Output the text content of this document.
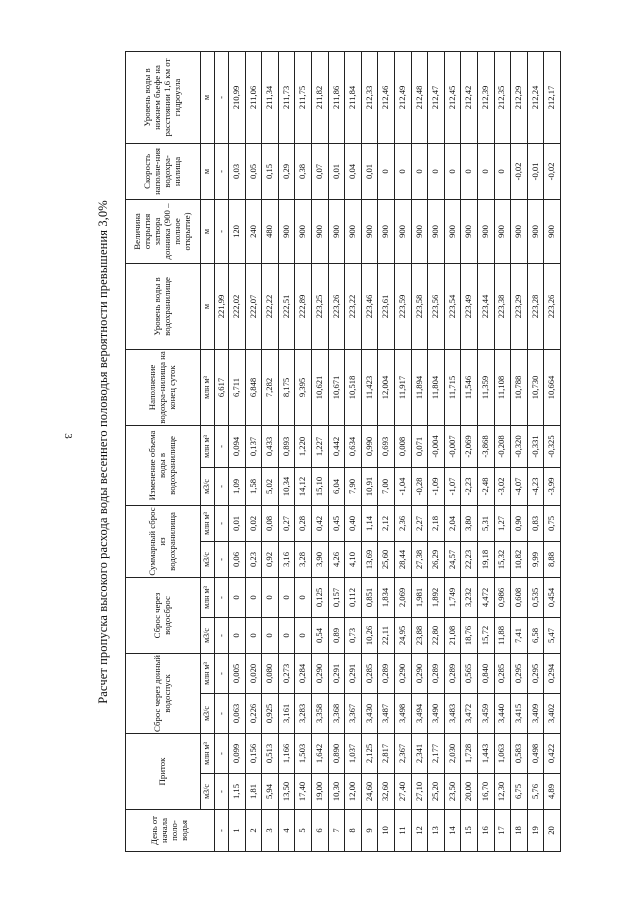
3 Расчет пропуска высокого расхода воды весеннего половодья вероятности превышения 3,0%
День от начала поло-водья	Приток		Сброс через донный водоспуск		Сброс через водосброс		Суммарный сброс из водохранилища		Изменение объема воды в водохранилище		Наполнение водохра-нилища на конец суток	Уровень воды в водохранилище	Величина открытия затвора донника (900 – полное открытие)	Скорость наполне-ния водохра-нилища	Уровень воды в нижнем бьефе на расстоянии 1,6 км от гидроузла
	м3/с	млн м³	м3/с	млн м³	м3/с	млн м³	м3/с	млн м³	м3/с	млн м³	млн м³	м	м	м	м
-	-	-	-	-	-	-	-	-	-	-	6,617	221,99	-	-	-
1	1,15	0,099	0,063	0,005	0	0	0,06	0,01	1,09	0,094	6,711	222,02	120	0,03	210,99
2	1,81	0,156	0,226	0,020	0	0	0,23	0,02	1,58	0,137	6,848	222,07	240	0,05	211,06
3	5,94	0,513	0,925	0,080	0	0	0,92	0,08	5,02	0,433	7,282	222,22	480	0,15	211,34
4	13,50	1,166	3,161	0,273	0	0	3,16	0,27	10,34	0,893	8,175	222,51	900	0,29	211,73
5	17,40	1,503	3,283	0,284	0	0	3,28	0,28	14,12	1,220	9,395	222,89	900	0,38	211,75
6	19,00	1,642	3,358	0,290	0,54	0,125	3,90	0,42	15,10	1,227	10,621	223,25	900	0,07	211,82
7	10,30	0,890	3,368	0,291	0,89	0,157	4,26	0,45	6,04	0,442	10,671	223,26	900	0,01	211,86
8	12,00	1,037	3,367	0,291	0,73	0,112	4,10	0,40	7,90	0,634	10,518	223,22	900	0,04	211,84
9	24,60	2,125	3,430	0,285	10,26	0,851	13,69	1,14	10,91	0,990	11,423	223,46	900	0,01	212,33
10	32,60	2,817	3,487	0,289	22,11	1,834	25,60	2,12	7,00	0,693	12,004	223,61	900	0	212,46
11	27,40	2,367	3,498	0,290	24,95	2,069	28,44	2,36	-1,04	0,008	11,917	223,59	900	0	212,49
12	27,10	2,341	3,494	0,290	23,88	1,981	27,38	2,27	-0,28	0,071	11,894	223,58	900	0	212,48
13	25,20	2,177	3,490	0,289	22,80	1,892	26,29	2,18	-1,09	-0,004	11,804	223,56	900	0	212,47
14	23,50	2,030	3,483	0,289	21,08	1,749	24,57	2,04	-1,07	-0,007	11,715	223,54	900	0	212,45
15	20,00	1,728	3,472	0,565	18,76	3,232	22,23	3,80	-2,23	-2,069	11,546	223,49	900	0	212,42
16	16,70	1,443	3,459	0,840	15,72	4,472	19,18	5,31	-2,48	-3,868	11,359	223,44	900	0	212,39
17	12,30	1,063	3,440	0,285	11,88	0,986	15,32	1,27	-3,02	-0,208	11,108	223,38	900	0	212,35
18	6,75	0,583	3,415	0,295	7,41	0,608	10,82	0,90	-4,07	-0,320	10,788	223,29	900	-0,02	212,29
19	5,76	0,498	3,409	0,295	6,58	0,535	9,99	0,83	-4,23	-0,331	10,730	223,28	900	-0,01	212,24
20	4,89	0,422	3,402	0,294	5,47	0,454	8,88	0,75	-3,99	-0,325	10,664	223,26	900	-0,02	212,17
